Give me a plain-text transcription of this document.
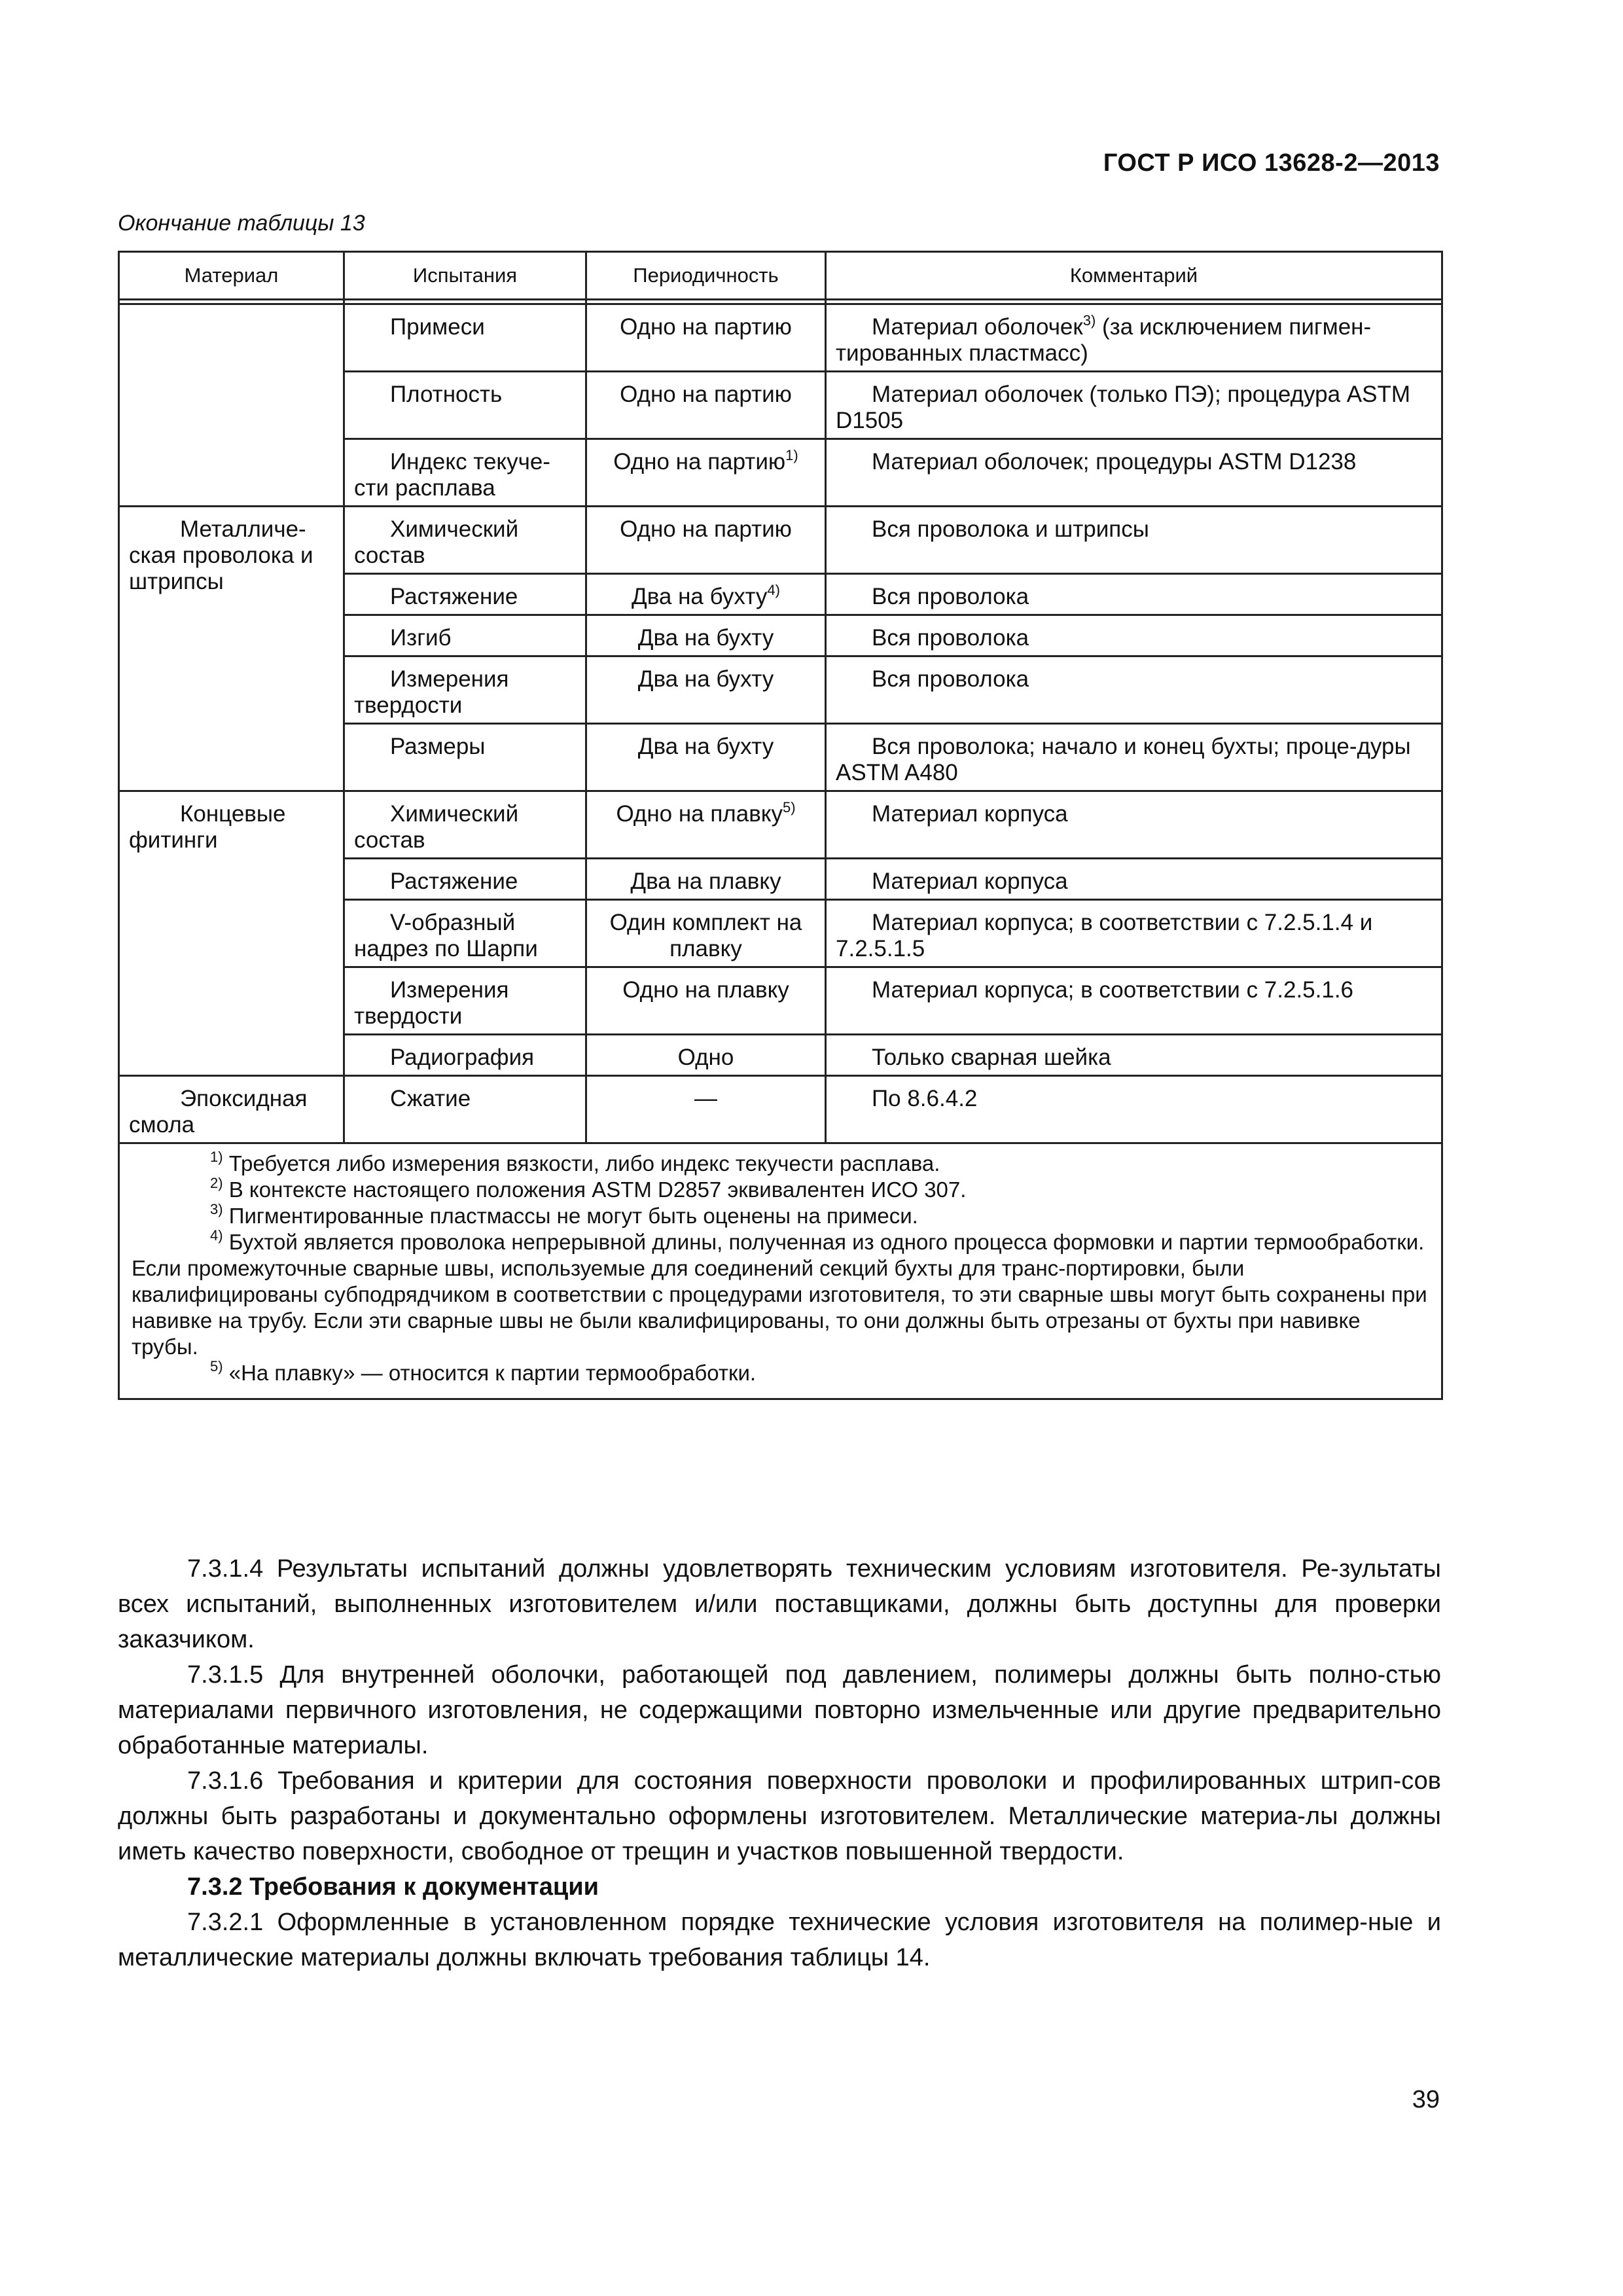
ГОСТ Р ИСО 13628-2—2013
Окончание таблицы 13
Материал	Испытания	Периодичность	Комментарий

	Примеси	Одно на партию	Материал оболочек$^{3)}$ (за исключением пигмен-тированных пластмасс)
	Плотность	Одно на партию	Материал оболочек (только ПЭ); процедура ASTM D1505
	Индекс текуче-сти расплава	Одно на партию$^{1)}$	Материал оболочек; процедуры ASTM D1238
Металличе-ская проволока и штрипсы	Химический состав	Одно на партию	Вся проволока и штрипсы
	Растяжение	Два на бухту$^{4)}$	Вся проволока
	Изгиб	Два на бухту	Вся проволока
	Измерения твердости	Два на бухту	Вся проволока
	Размеры	Два на бухту	Вся проволока; начало и конец бухты; проце-дуры ASTM A480
Концевые фитинги	Химический состав	Одно на плавку$^{5)}$	Материал корпуса
	Растяжение	Два на плавку	Материал корпуса
	V-образный надрез по Шарпи	Один комплект на плавку	Материал корпуса; в соответствии с 7.2.5.1.4 и 7.2.5.1.5
	Измерения твердости	Одно на плавку	Материал корпуса; в соответствии с 7.2.5.1.6
	Радиография	Одно	Только сварная шейка
Эпоксидная смола	Сжатие	—	По 8.6.4.2

$^{1)}$ Требуется либо измерения вязкости, либо индекс текучести расплава.

$^{2)}$ В контексте настоящего положения ASTM D2857 эквивалентен ИСО 307.

$^{3)}$ Пигментированные пластмассы не могут быть оценены на примеси.

$^{4)}$ Бухтой является проволока непрерывной длины, полученная из одного процесса формовки и партии термообработки. Если промежуточные сварные швы, используемые для соединений секций бухты для транс-портировки, были квалифицированы субподрядчиком в соответствии с процедурами изготовителя, то эти сварные швы могут быть сохранены при навивке на трубу. Если эти сварные швы не были квалифицированы, то они должны быть отрезаны от бухты при навивке трубы.

$^{5)}$ «На плавку» — относится к партии термообработки.			

7.3.1.4 Результаты испытаний должны удовлетворять техническим условиям изготовителя. Ре-зультаты всех испытаний, выполненных изготовителем и/или поставщиками, должны быть доступны для проверки заказчиком.

7.3.1.5 Для внутренней оболочки, работающей под давлением, полимеры должны быть полно-стью материалами первичного изготовления, не содержащими повторно измельченные или другие предварительно обработанные материалы.

7.3.1.6 Требования и критерии для состояния поверхности проволоки и профилированных штрип-сов должны быть разработаны и документально оформлены изготовителем. Металлические материа-лы должны иметь качество поверхности, свободное от трещин и участков повышенной твердости.

7.3.2 Требования к документации

7.3.2.1 Оформленные в установленном порядке технические условия изготовителя на полимер-ные и металлические материалы должны включать требования таблицы 14.

39
